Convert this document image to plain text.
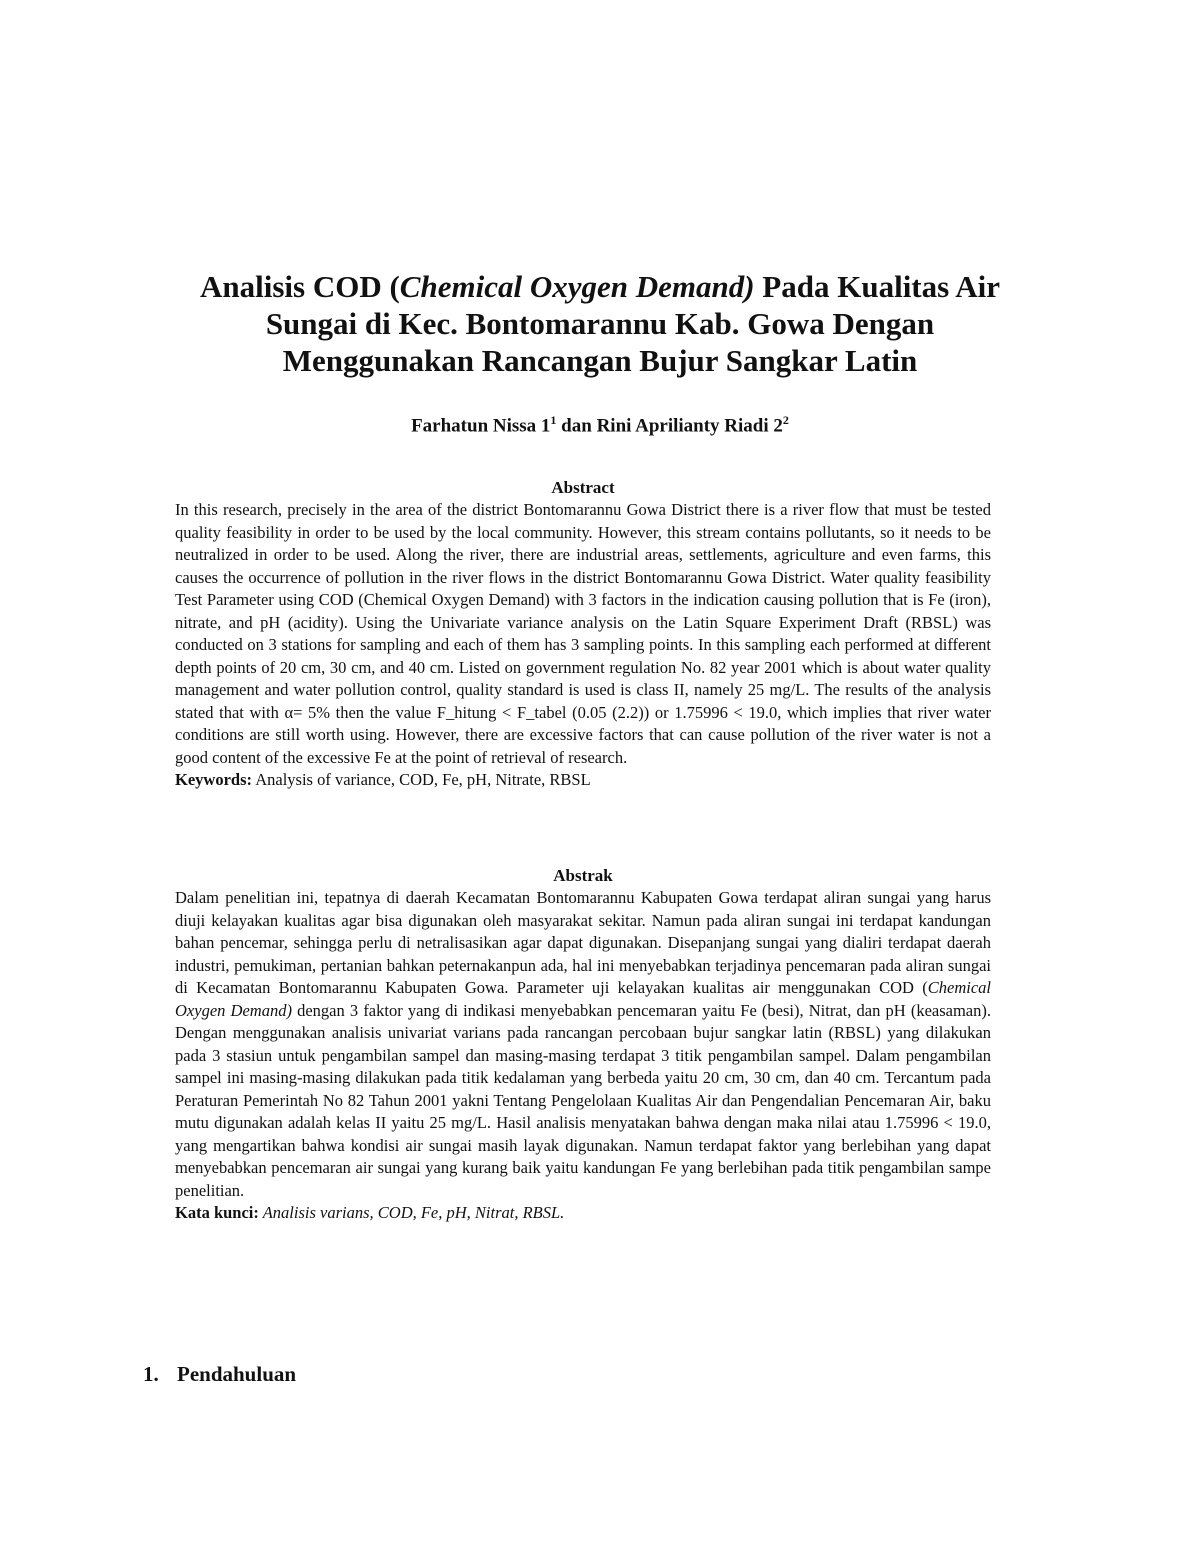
Analisis COD (Chemical Oxygen Demand) Pada Kualitas Air
Sungai di Kec. Bontomarannu Kab. Gowa Dengan
Menggunakan Rancangan Bujur Sangkar Latin

Farhatun Nissa $1^1$ dan Rini Aprilianty Riadi $2^2$

Abstract

In this research, precisely in the area of the district Bontomarannu Gowa District there is a river flow that must be tested quality feasibility in order to be used by the local community. However, this stream contains pollutants, so it needs to be neutralized in order to be used. Along the river, there are industrial areas, settlements, agriculture and even farms, this causes the occurrence of pollution in the river flows in the district Bontomarannu Gowa District. Water quality feasibility Test Parameter using COD (Chemical Oxygen Demand) with 3 factors in the indication causing pollution that is Fe (iron), nitrate, and pH (acidity). Using the Univariate variance analysis on the Latin Square Experiment Draft (RBSL) was conducted on 3 stations for sampling and each of them has 3 sampling points. In this sampling each performed at different depth points of 20 cm, 30 cm, and 40 cm. Listed on government regulation No. 82 year 2001 which is about water quality management and water pollution control, quality standard is used is class II, namely 25 mg/L. The results of the analysis stated that with α= 5% then the value F_hitung < F_tabel (0.05 (2.2)) or 1.75996 < 19.0, which implies that river water conditions are still worth using. However, there are excessive factors that can cause pollution of the river water is not a good content of the excessive Fe at the point of retrieval of research.

Keywords: Analysis of variance, COD, Fe, pH, Nitrate, RBSL

Abstrak

Dalam penelitian ini, tepatnya di daerah Kecamatan Bontomarannu Kabupaten Gowa terdapat aliran sungai yang harus diuji kelayakan kualitas agar bisa digunakan oleh masyarakat sekitar. Namun pada aliran sungai ini terdapat kandungan bahan pencemar, sehingga perlu di netralisasikan agar dapat digunakan. Disepanjang sungai yang dialiri terdapat daerah industri, pemukiman, pertanian bahkan peternakanpun ada, hal ini menyebabkan terjadinya pencemaran pada aliran sungai di Kecamatan Bontomarannu Kabupaten Gowa. Parameter uji kelayakan kualitas air menggunakan COD (Chemical Oxygen Demand) dengan 3 faktor yang di indikasi menyebabkan pencemaran yaitu Fe (besi), Nitrat, dan pH (keasaman). Dengan menggunakan analisis univariat varians pada rancangan percobaan bujur sangkar latin (RBSL) yang dilakukan pada 3 stasiun untuk pengambilan sampel dan masing-masing terdapat 3 titik pengambilan sampel. Dalam pengambilan sampel ini masing-masing dilakukan pada titik kedalaman yang berbeda yaitu 20 cm, 30 cm, dan 40 cm. Tercantum pada Peraturan Pemerintah No 82 Tahun 2001 yakni Tentang Pengelolaan Kualitas Air dan Pengendalian Pencemaran Air, baku mutu digunakan adalah kelas II yaitu 25 mg/L. Hasil analisis menyatakan bahwa dengan maka nilai atau 1.75996 < 19.0, yang mengartikan bahwa kondisi air sungai masih layak digunakan. Namun terdapat faktor yang berlebihan yang dapat menyebabkan pencemaran air sungai yang kurang baik yaitu kandungan Fe yang berlebihan pada titik pengambilan sampe penelitian.

Kata kunci: Analisis varians, COD, Fe, pH, Nitrat, RBSL.

1. Pendahuluan
